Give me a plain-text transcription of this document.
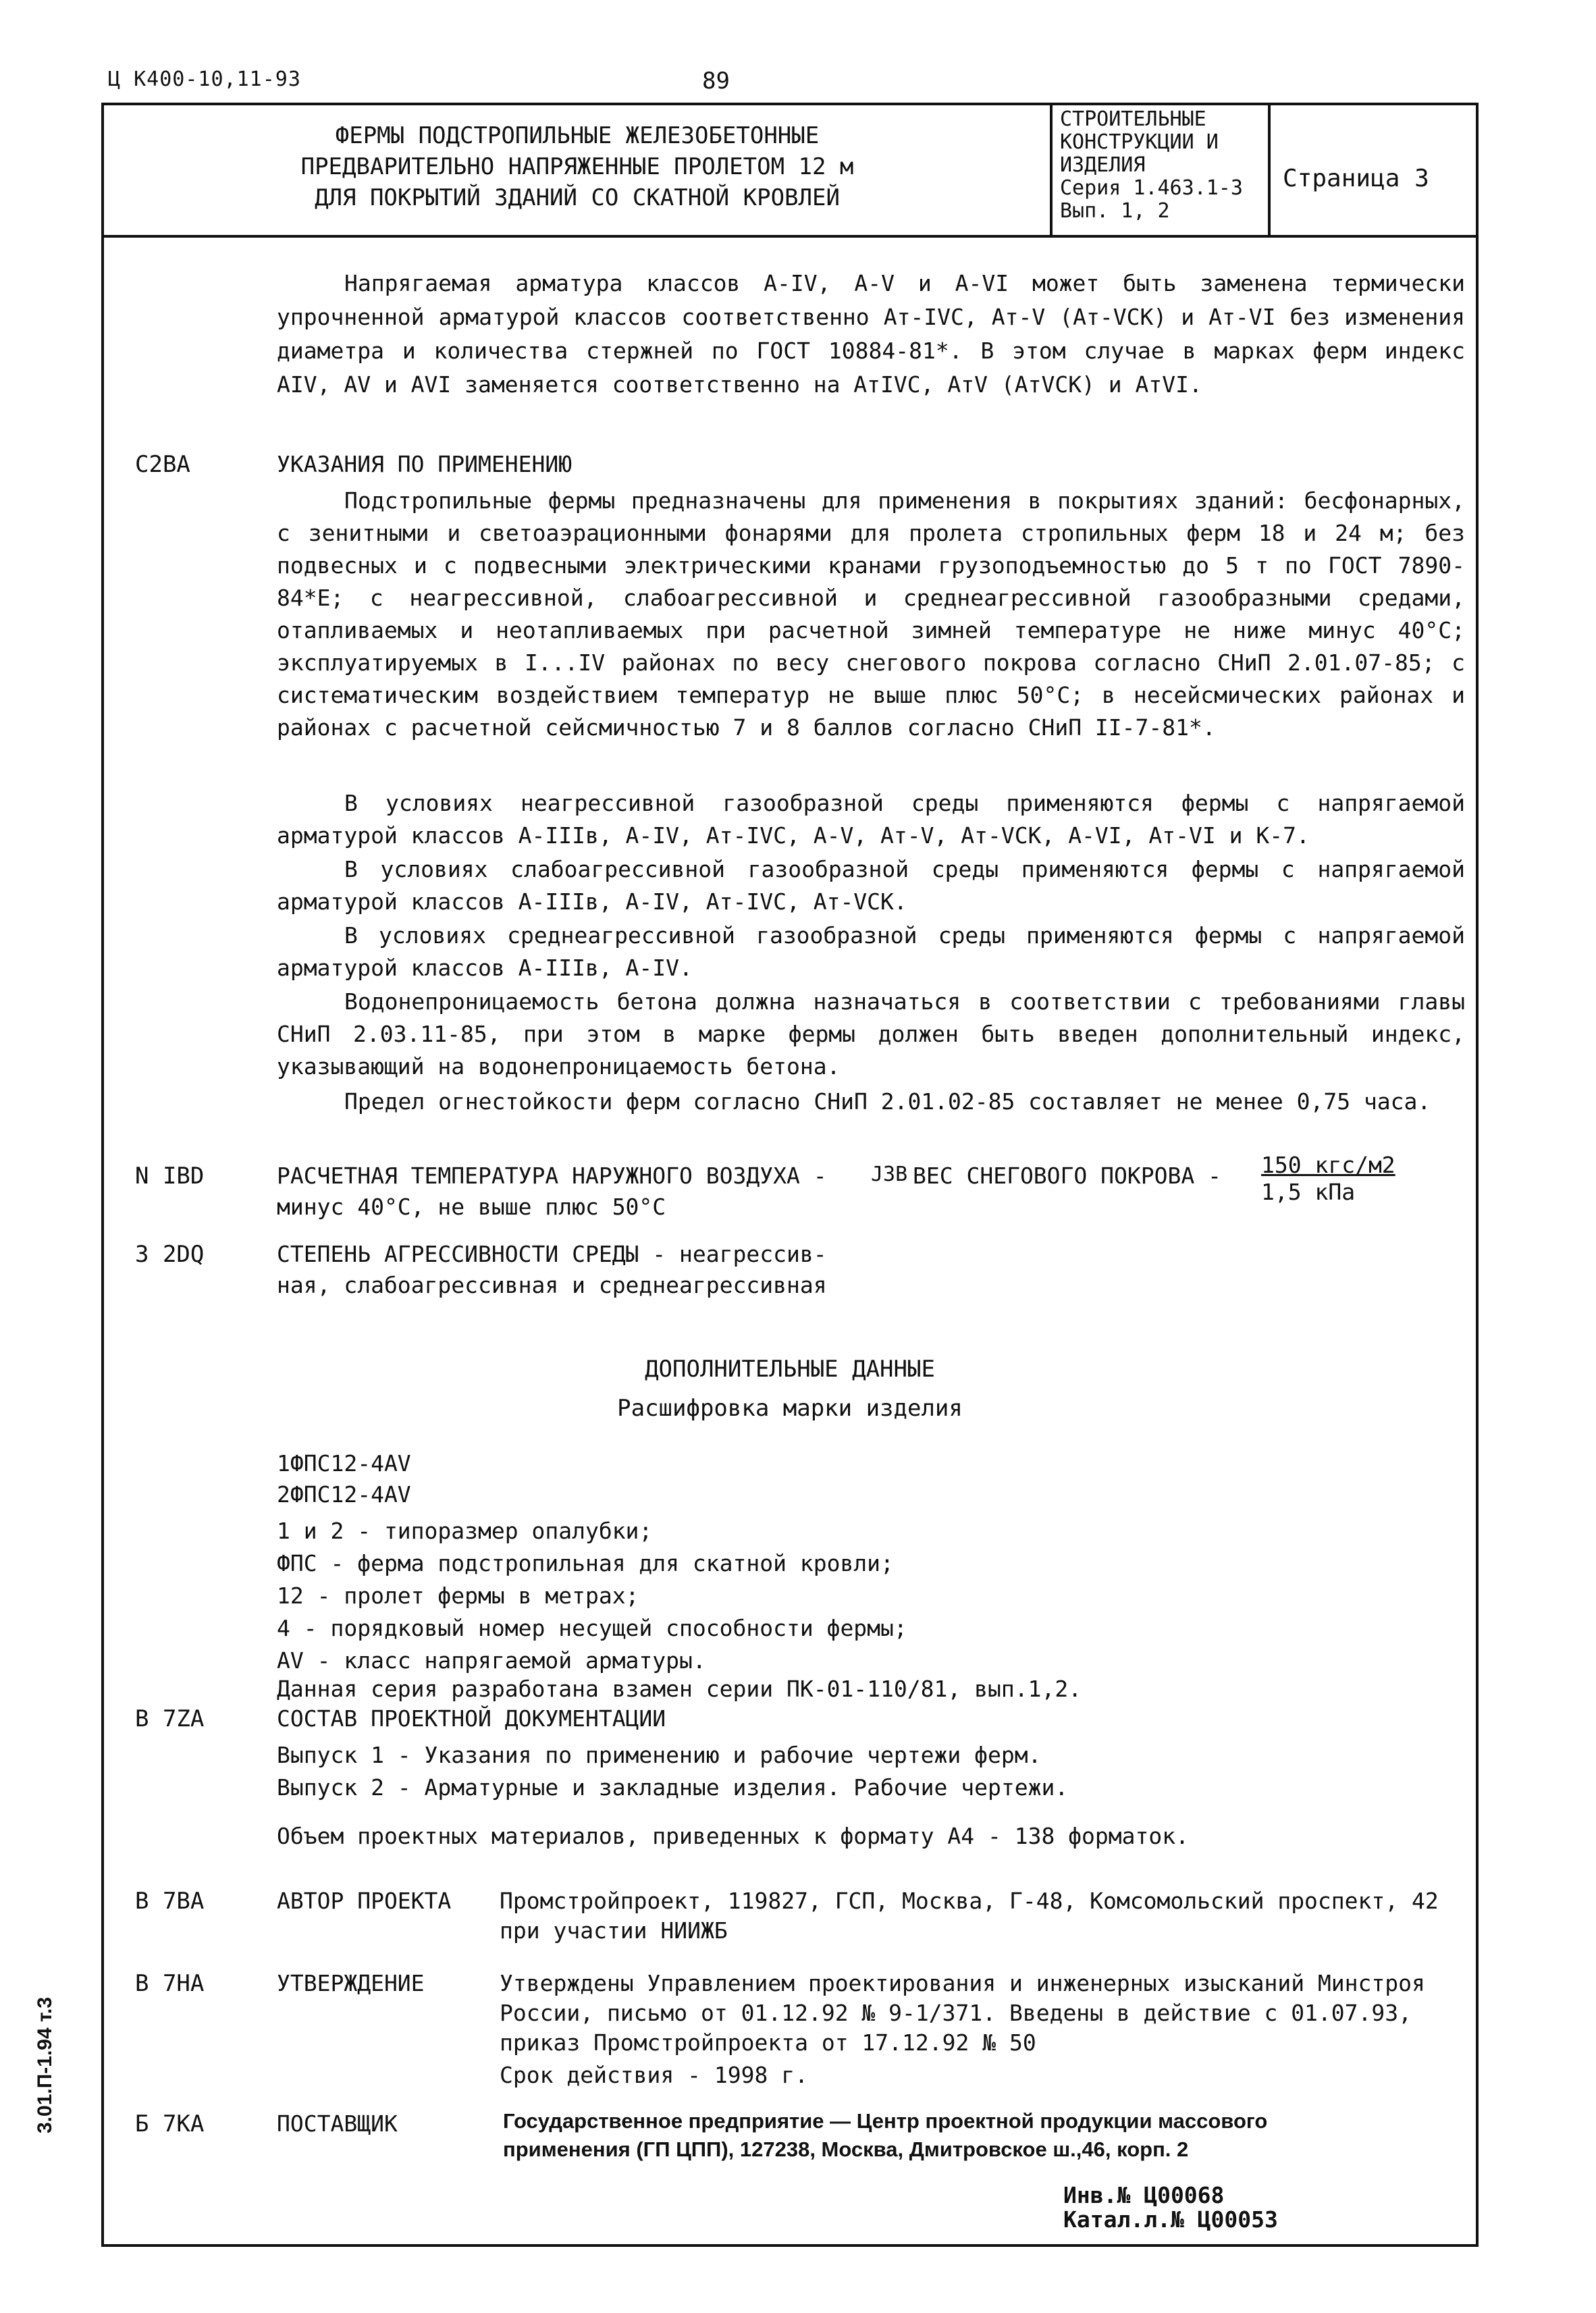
Ц К400-10,11-93	89
ФЕРМЫ ПОДСТРОПИЛЬНЫЕ ЖЕЛЕЗОБЕТОННЫЕ
ПРЕДВАРИТЕЛЬНО НАПРЯЖЕННЫЕ ПРОЛЕТОМ 12 м
ДЛЯ ПОКРЫТИЙ ЗДАНИЙ СО СКАТНОЙ КРОВЛЕЙ
СТРОИТЕЛЬНЫЕ
КОНСТРУКЦИИ И
ИЗДЕЛИЯ
Серия 1.463.1-3
Вып. 1, 2
Страница 3
Напрягаемая арматура классов А-IV, А-V и А-VI может быть заменена термически упрочненной арматурой классов соответственно Ат-IVC, Ат-V (Ат-VCK) и Ат-VI без изменения диаметра и количества стержней по ГОСТ 10884-81*. В этом случае в марках ферм индекс AIV, AV и AVI заменяется соответственно на AтIVC, AтV (AтVCK) и AтVI.
C2BA	УКАЗАНИЯ ПО ПРИМЕНЕНИЮ
Подстропильные фермы предназначены для применения в покрытиях зданий: бесфонарных, с зенитными и светоаэрационными фонарями для пролета стропильных ферм 18 и 24 м; без подвесных и с подвесными электрическими кранами грузоподъемностью до 5 т по ГОСТ 7890-84*Е; с неагрессивной, слабоагрессивной и среднеагрессивной газообразными средами, отапливаемых и неотапливаемых при расчетной зимней температуре не ниже минус 40°С; эксплуатируемых в I...IV районах по весу снегового покрова согласно СНиП 2.01.07-85; с систематическим воздействием температур не выше плюс 50°С; в несейсмических районах и районах с расчетной сейсмичностью 7 и 8 баллов согласно СНиП II-7-81*.
В условиях неагрессивной газообразной среды применяются фермы с напрягаемой арматурой классов А-IIIв, А-IV, Ат-IVC, А-V, Ат-V, Ат-VCK, А-VI, Ат-VI и К-7.
В условиях слабоагрессивной газообразной среды применяются фермы с напрягаемой арматурой классов А-IIIв, А-IV, Ат-IVC, Ат-VCK.
В условиях среднеагрессивной газообразной среды применяются фермы с напрягаемой арматурой классов А-IIIв, А-IV.
Водонепроницаемость бетона должна назначаться в соответствии с требованиями главы СНиП 2.03.11-85, при этом в марке фермы должен быть введен дополнительный индекс, указывающий на водонепроницаемость бетона.
Предел огнестойкости ферм согласно СНиП 2.01.02-85 составляет не менее 0,75 часа.
N IBD	РАСЧЕТНАЯ ТЕМПЕРАТУРА НАРУЖНОГО ВОЗДУХА -
минус 40°С, не выше плюс 50°С
J3B ВЕС СНЕГОВОГО ПОКРОВА - 150 кгс/м2
1,5 кПа
3 2DQ	СТЕПЕНЬ АГРЕССИВНОСТИ СРЕДЫ - неагрессив-
ная, слабоагрессивная и среднеагрессивная
ДОПОЛНИТЕЛЬНЫЕ ДАННЫЕ
Расшифровка марки изделия
1ФПС12-4АV
2ФПС12-4АV
1 и 2 - типоразмер опалубки;
ФПС - ферма подстропильная для скатной кровли;
12 - пролет фермы в метрах;
4 - порядковый номер несущей способности фермы;
АV - класс напрягаемой арматуры.
Данная серия разработана взамен серии ПК-01-110/81, вып.1,2.
B 7ZA	СОСТАВ ПРОЕКТНОЙ ДОКУМЕНТАЦИИ
Выпуск 1 - Указания по применению и рабочие чертежи ферм.
Выпуск 2 - Арматурные и закладные изделия. Рабочие чертежи.
Объем проектных материалов, приведенных к формату А4 - 138 форматок.
B 7BA	АВТОР ПРОЕКТА Промстройпроект, 119827, ГСП, Москва, Г-48, Комсомольский проспект, 42
при участии НИИЖБ
B 7HA	УТВЕРЖДЕНИЕ	Утверждены Управлением проектирования и инженерных изысканий Минстроя
России, письмо от 01.12.92 № 9-1/371. Введены в действие с 01.07.93,
приказ Промстройпроекта от 17.12.92 № 50
Срок действия - 1998 г.
Б 7КА	ПОСТАВЩИК	Государственное предприятие — Центр проектной продукции массового
применения (ГП ЦПП), 127238, Москва, Дмитровское ш.,46, корп. 2
Инв.№ Ц00068
Катал.л.№ Ц00053
3.01.П-1.94 т.3
